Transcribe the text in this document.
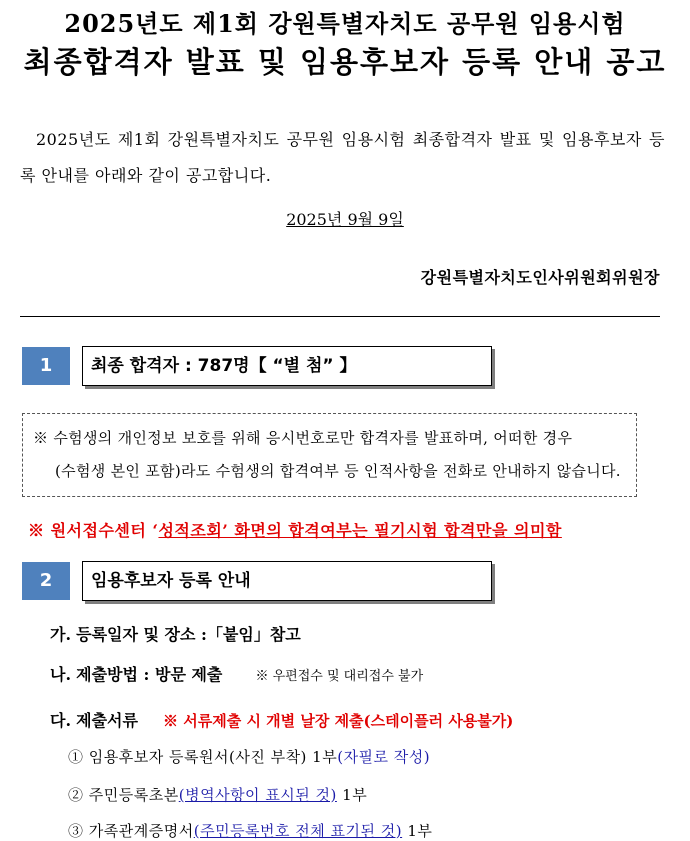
2025년도 제1회 강원특별자치도 공무원 임용시험
최종합격자 발표 및 임용후보자 등록 안내 공고
2025년도 제1회 강원특별자치도 공무원 임용시험 최종합격자 발표 및 임용후보자 등록 안내를 아래와 같이 공고합니다.
2025년 9월 9일
강원특별자치도인사위원회위원장
1	최종 합격자 : 787명【 “별 첨” 】
※ 수험생의 개인정보 보호를 위해 응시번호로만 합격자를 발표하며, 어떠한 경우
(수험생 본인 포함)라도 수험생의 합격여부 등 인적사항을 전화로 안내하지 않습니다.
※ 원서접수센터 ‘성적조회’ 화면의 합격여부는 필기시험 합격만을 의미함
2	임용후보자 등록 안내
가. 등록일자 및 장소 :「붙임」참고
나. 제출방법 : 방문 제출	※ 우편접수 및 대리접수 불가
다. 제출서류 ※ 서류제출 시 개별 날장 제출(스테이플러 사용불가)
① 임용후보자 등록원서(사진 부착) 1부(자필로 작성)
② 주민등록초본(병역사항이 표시된 것) 1부
③ 가족관계증명서(주민등록번호 전체 표기된 것) 1부
